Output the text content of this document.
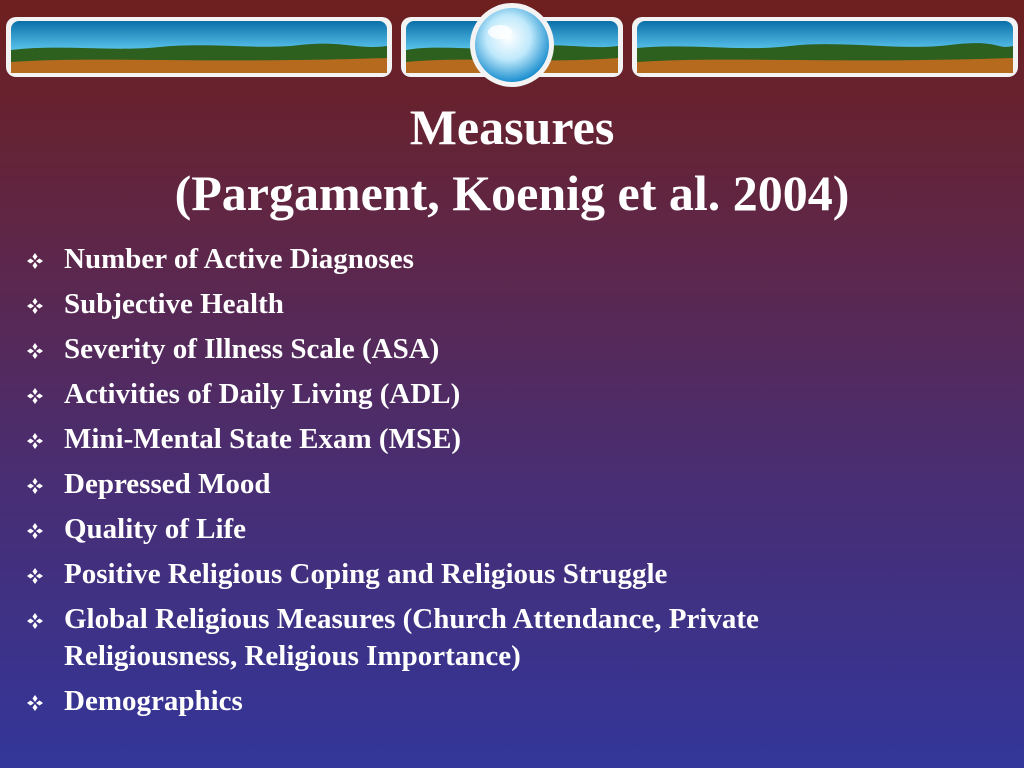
Measures
(Pargament, Koenig et al. 2004)
Number of Active Diagnoses
Subjective Health
Severity of Illness Scale (ASA)
Activities of Daily Living (ADL)
Mini-Mental State Exam (MSE)
Depressed Mood
Quality of Life
Positive Religious Coping and Religious Struggle
Global Religious Measures (Church Attendance, Private Religiousness, Religious Importance)
Demographics
